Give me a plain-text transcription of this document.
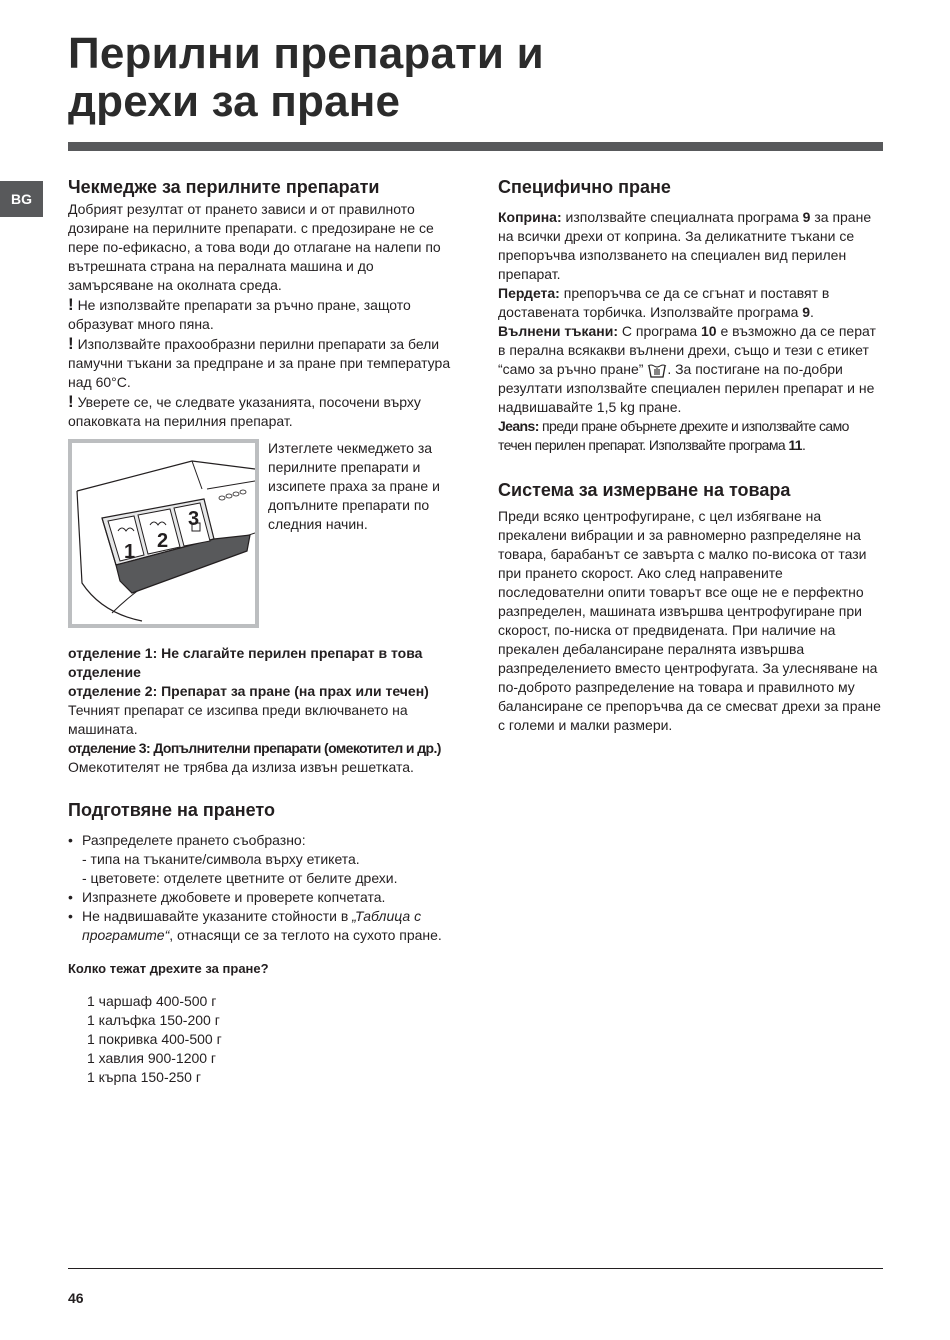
Перилни препарати и
дрехи за пране
BG
Чекмедже за перилните препарати

Добрият резултат от прането зависи и от правилното дозиране на перилните препарати. с предозиране не се пере по-ефикасно, а това води до отлагане на налепи по вътрешната страна на пералната машина и до замърсяване на околната среда.

! Не използвайте препарати за ръчно пране, защото образуват много пяна.

! Използвайте прахообразни перилни препарати за бели памучни тъкани за предпране и за пране при температура над 60°C.

! Уверете се, че следвате указанията, посочени върху опаковката на перилния препарат.

1 2
3

Изтеглете чекмеджето за перилните препарати и изсипете праха за пране и допълните препарати по следния начин.

отделение 1: Не слагайте перилен препарат в това отделение

отделение 2: Препарат за пране (на прах или течен)

Течният препарат се изсипва преди включването на машината.

отделение 3: Допълнителни препарати (омекотител и др.)

Омекотителят не трябва да излиза извън решетката.

Подготвяне на прането
• Разпределете прането съобразно:
- типа на тъканите/символа върху етикета.
- цветовете: отделете цветните от белите дрехи.
• Изпразнете джобовете и проверете копчетата.
• Не надвишавайте указаните стойности в „Таблица с програмите“, отнасящи се за теглото на сухото пране.

Колко тежат дрехите за пране?

1 чаршаф 400-500 г
1 калъфка 150-200 г
1 покривка 400-500 г
1 хавлия 900-1200 г
1 кърпа 150-250 г
Специфично пране

Коприна: използвайте специалната програма 9 за пране на всички дрехи от коприна. За деликатните тъкани се препоръчва използването на специален вид перилен препарат.

Пердета: препоръчва се да се сгънат и поставят в доставената торбичка. Използвайте програма 9.

Вълнени тъкани: С програма 10 е възможно да се перат в перална всякакви вълнени дрехи, също и тези с етикет “само за ръчно пране” . За постигане на по-добри резултати използвайте специален перилен препарат и не надвишавайте 1,5 kg пране.

Jeans: преди пране обърнете дрехите и използвайте само течен перилен препарат. Използвайте програма 11.

Система за измерване на товара

Преди всяко центрофугиране, с цел избягване на прекалени вибрации и за равномерно разпределяне на товара, барабанът се завърта с малко по-висока от тази при прането скорост. Ако след направените последователни опити товарът все още не е перфектно разпределен, машината извършва центрофугиране при скорост, по-ниска от предвидената. При наличие на прекален дебалансиране пералнята извършва разпределението вместо центрофугата. За улесняване на по-доброто разпределение на товара и правилното му балансиране се препоръчва да се смесват дрехи за пране с големи и малки размери.

46
